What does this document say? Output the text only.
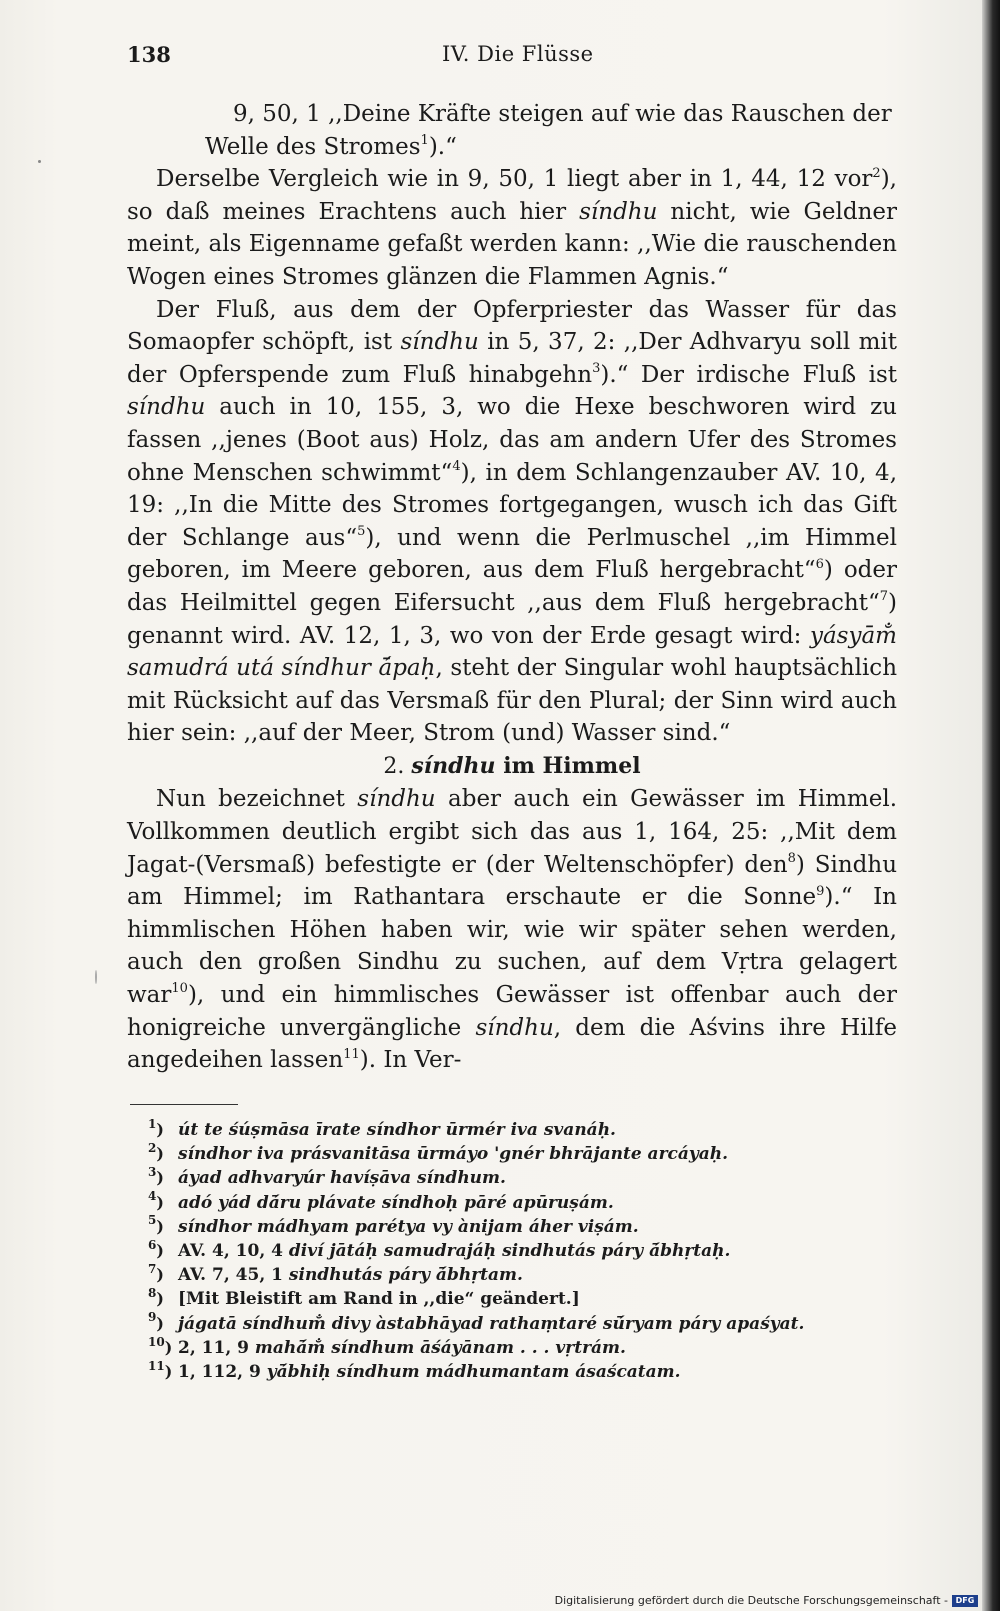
138	IV. Die Flüsse

9, 50, 1 ,,Deine Kräfte steigen auf wie das Rauschen der
Welle des Stromes$^1$).“

Derselbe Vergleich wie in 9, 50, 1 liegt aber in 1, 44, 12 vor$^2$), so daß meines Erachtens auch hier síndhu nicht, wie Geldner meint, als Eigenname gefaßt werden kann: ,,Wie die rauschenden Wogen eines Stromes glänzen die Flammen Agnis.“

Der Fluß, aus dem der Opferpriester das Wasser für das Somaopfer schöpft, ist síndhu in 5, 37, 2: ,,Der Adhvaryu soll mit der Opferspende zum Fluß hinabgehn$^3$).“ Der irdische Fluß ist síndhu auch in 10, 155, 3, wo die Hexe beschworen wird zu fassen ,,jenes (Boot aus) Holz, das am andern Ufer des Stromes ohne Menschen schwimmt“$^4$), in dem Schlangenzauber AV. 10, 4, 19: ,,In die Mitte des Stromes fortgegangen, wusch ich das Gift der Schlange aus“$^5$), und wenn die Perlmuschel ,,im Himmel geboren, im Meere geboren, aus dem Fluß hergebracht“$^6$) oder das Heilmittel gegen Eifersucht ,,aus dem Fluß hergebracht“$^7$) genannt wird. AV. 12, 1, 3, wo von der Erde gesagt wird: yásyām̐ samudrá utá síndhur ā́paḥ, steht der Singular wohl hauptsächlich mit Rücksicht auf das Versmaß für den Plural; der Sinn wird auch hier sein: ,,auf der Meer, Strom (und) Wasser sind.“

2. síndhu im Himmel

Nun bezeichnet síndhu aber auch ein Gewässer im Himmel. Vollkommen deutlich ergibt sich das aus 1, 164, 25: ,,Mit dem Jagat-(Versmaß) befestigte er (der Weltenschöpfer) den$^8$) Sindhu am Himmel; im Rathantara erschaute er die Sonne$^9$).“ In himmlischen Höhen haben wir, wie wir später sehen werden, auch den großen Sindhu zu suchen, auf dem Vṛtra gelagert war$^{10}$), und ein himmlisches Gewässer ist offenbar auch der honigreiche unvergängliche síndhu, dem die Aśvins ihre Hilfe angedeihen lassen$^{11}$). In Ver-

$^1$) út te śúṣmāsa īrate síndhor ūrmér iva svanáḥ.
$^2$) síndhor iva prásvanitāsa ūrmáyo 'gnér bhrājante arcáyaḥ.
$^3$) áyad adhvaryúr havíṣāva síndhum.
$^4$) adó yád dā́ru plávate síndhoḥ pāré apūruṣám.
$^5$) síndhor mádhyam parétya vy ànijam áher viṣám.
$^6$) AV. 4, 10, 4 diví jātáḥ samudrajáḥ sindhutás páry ā́bhṛtaḥ.
$^7$) AV. 7, 45, 1 sindhutás páry ā́bhṛtam.
$^8$) [Mit Bleistift am Rand in ,,die“ geändert.]
$^9$) jágatā síndhum̐ divy àstabhāyad rathaṃtaré sū́ryam páry apaśyat.
$^{10}$) 2, 11, 9 mahā́m̐ síndhum āśáyānam . . . vṛtrám.
$^{11}$) 1, 112, 9 yā́bhiḥ síndhum mádhumantam ásaścatam.
Digitalisierung gefördert durch die Deutsche Forschungsgemeinschaft - DFG
